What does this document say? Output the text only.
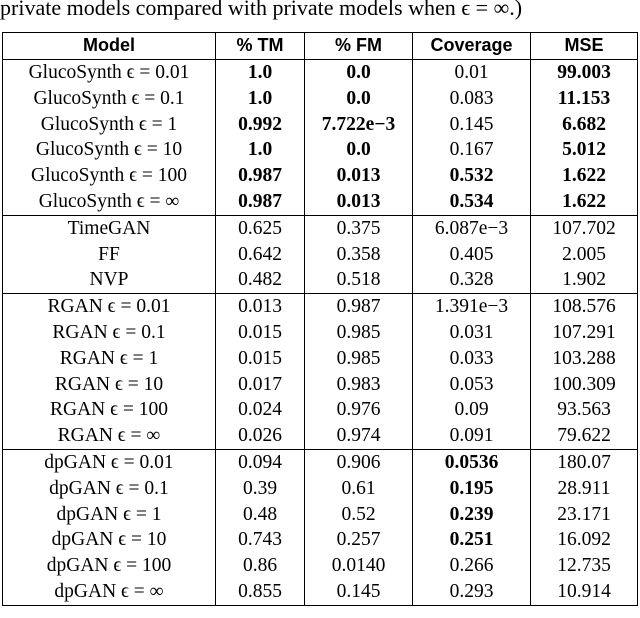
private models compared with private models when ϵ = ∞.)
Model	% TM	% FM	Coverage	MSE
GlucoSynth ϵ = 0.01	1.0	0.0	0.01	99.003
GlucoSynth ϵ = 0.1	1.0	0.0	0.083	11.153
GlucoSynth ϵ = 1	0.992	7.722e−3	0.145	6.682
GlucoSynth ϵ = 10	1.0	0.0	0.167	5.012
GlucoSynth ϵ = 100	0.987	0.013	0.532	1.622
GlucoSynth ϵ = ∞	0.987	0.013	0.534	1.622
TimeGAN	0.625	0.375	6.087e−3	107.702
FF	0.642	0.358	0.405	2.005
NVP	0.482	0.518	0.328	1.902
RGAN ϵ = 0.01	0.013	0.987	1.391e−3	108.576
RGAN ϵ = 0.1	0.015	0.985	0.031	107.291
RGAN ϵ = 1	0.015	0.985	0.033	103.288
RGAN ϵ = 10	0.017	0.983	0.053	100.309
RGAN ϵ = 100	0.024	0.976	0.09	93.563
RGAN ϵ = ∞	0.026	0.974	0.091	79.622
dpGAN ϵ = 0.01	0.094	0.906	0.0536	180.07
dpGAN ϵ = 0.1	0.39	0.61	0.195	28.911
dpGAN ϵ = 1	0.48	0.52	0.239	23.171
dpGAN ϵ = 10	0.743	0.257	0.251	16.092
dpGAN ϵ = 100	0.86	0.0140	0.266	12.735
dpGAN ϵ = ∞	0.855	0.145	0.293	10.914
